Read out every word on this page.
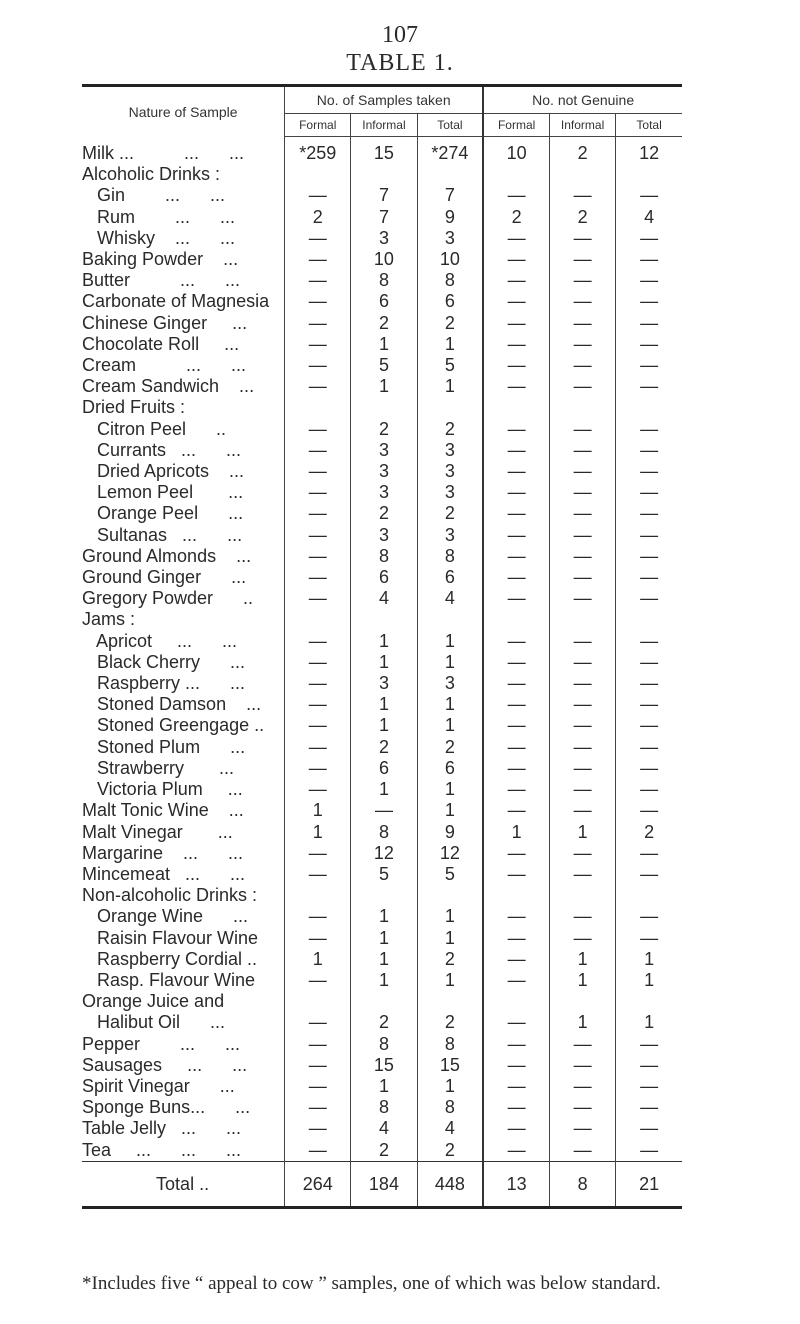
107
TABLE 1.
Nature of Sample	No. of Samples taken			No. not Genuine		
	Formal	Informal	Total	Formal	Informal	Total
Milk ...          ...      ...	*259	15	*274	10	2	12
Alcoholic Drinks :						
Gin        ...      ...	—	7	7	—	—	—
Rum        ...      ...	2	7	9	2	2	4
Whisky    ...      ...	—	3	3	—	—	—
Baking Powder    ...	—	10	10	—	—	—
Butter          ...      ...	—	8	8	—	—	—
Carbonate of Magnesia	—	6	6	—	—	—
Chinese Ginger     ...	—	2	2	—	—	—
Chocolate Roll     ...	—	1	1	—	—	—
Cream          ...      ...	—	5	5	—	—	—
Cream Sandwich    ...	—	1	1	—	—	—
Dried Fruits :						
Citron Peel      ..	—	2	2	—	—	—
Currants   ...      ...	—	3	3	—	—	—
Dried Apricots    ...	—	3	3	—	—	—
Lemon Peel       ...	—	3	3	—	—	—
Orange Peel      ...	—	2	2	—	—	—
Sultanas   ...      ...	—	3	3	—	—	—
Ground Almonds    ...	—	8	8	—	—	—
Ground Ginger      ...	—	6	6	—	—	—
Gregory Powder      ..	—	4	4	—	—	—
Jams :						
Apricot     ...      ...	—	1	1	—	—	—
Black Cherry      ...	—	1	1	—	—	—
Raspberry ...      ...	—	3	3	—	—	—
Stoned Damson    ...	—	1	1	—	—	—
Stoned Greengage ..	—	1	1	—	—	—
Stoned Plum      ...	—	2	2	—	—	—
Strawberry       ...	—	6	6	—	—	—
Victoria Plum     ...	—	1	1	—	—	—
Malt Tonic Wine    ...	1	—	1	—	—	—
Malt Vinegar       ...	1	8	9	1	1	2
Margarine    ...      ...	—	12	12	—	—	—
Mincemeat   ...      ...	—	5	5	—	—	—
Non-alcoholic Drinks :						
Orange Wine      ...	—	1	1	—	—	—
Raisin Flavour Wine	—	1	1	—	—	—
Raspberry Cordial ..	1	1	2	—	1	1
Rasp. Flavour Wine	—	1	1	—	1	1
Orange Juice and						
Halibut Oil      ...	—	2	2	—	1	1
Pepper        ...      ...	—	8	8	—	—	—
Sausages     ...      ...	—	15	15	—	—	—
Spirit Vinegar      ...	—	1	1	—	—	—
Sponge Buns...      ...	—	8	8	—	—	—
Table Jelly   ...      ...	—	4	4	—	—	—
Tea     ...      ...      ...	—	2	2	—	—	—
Total ..	264	184	448	13	8	21
*Includes five “ appeal to cow ” samples, one of which was below standard.
